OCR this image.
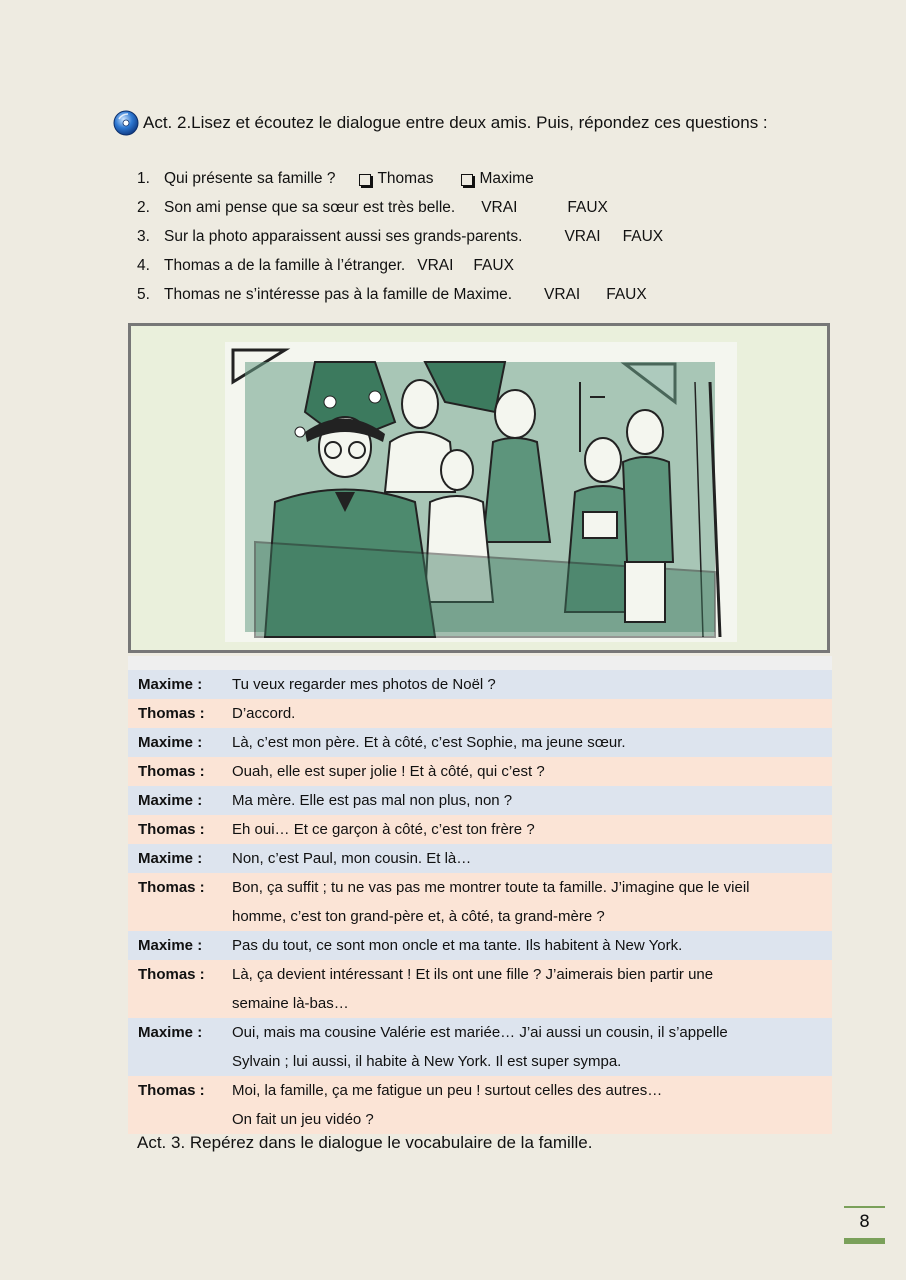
Act. 2.Lisez et écoutez le dialogue entre deux amis. Puis, répondez ces questions :
1. Qui présente sa famille ?	Thomas	Maxime
2. Son ami pense que sa sœur est très belle. VRAI	FAUX
3. Sur la photo apparaissent aussi ses grands-parents.	VRAI FAUX
4. Thomas a de la famille à l’étranger. VRAI FAUX
5. Thomas ne s’intéresse pas à la famille de Maxime. VRAI FAUX

Maxime :	Tu veux regarder mes photos de Noël ?

Thomas :	D’accord.

Maxime :	Là, c’est mon père. Et à côté, c’est Sophie, ma jeune sœur.

Thomas :	Ouah, elle est super jolie ! Et à côté, qui c’est ?

Maxime :	Ma mère. Elle est pas mal non plus, non ?

Thomas :	Eh oui… Et ce garçon à côté, c’est ton frère ?

Maxime :	Non, c’est Paul, mon cousin. Et là…

Thomas :	Bon, ça suffit ; tu ne vas pas me montrer toute ta famille. J’imagine que le vieil
homme, c’est ton grand-père et, à côté, ta grand-mère ?

Maxime :	Pas du tout, ce sont mon oncle et ma tante. Ils habitent à New York.

Thomas :	Là, ça devient intéressant ! Et ils ont une fille ? J’aimerais bien partir une
semaine là-bas…

Maxime :	Oui, mais ma cousine Valérie est mariée… J’ai aussi un cousin, il s’appelle
Sylvain ; lui aussi, il habite à New York. Il est super sympa.

Thomas :	Moi, la famille, ça me fatigue un peu ! surtout celles des autres…
On fait un jeu vidéo ?
Act. 3. Repérez dans le dialogue le vocabulaire de la famille.
8
